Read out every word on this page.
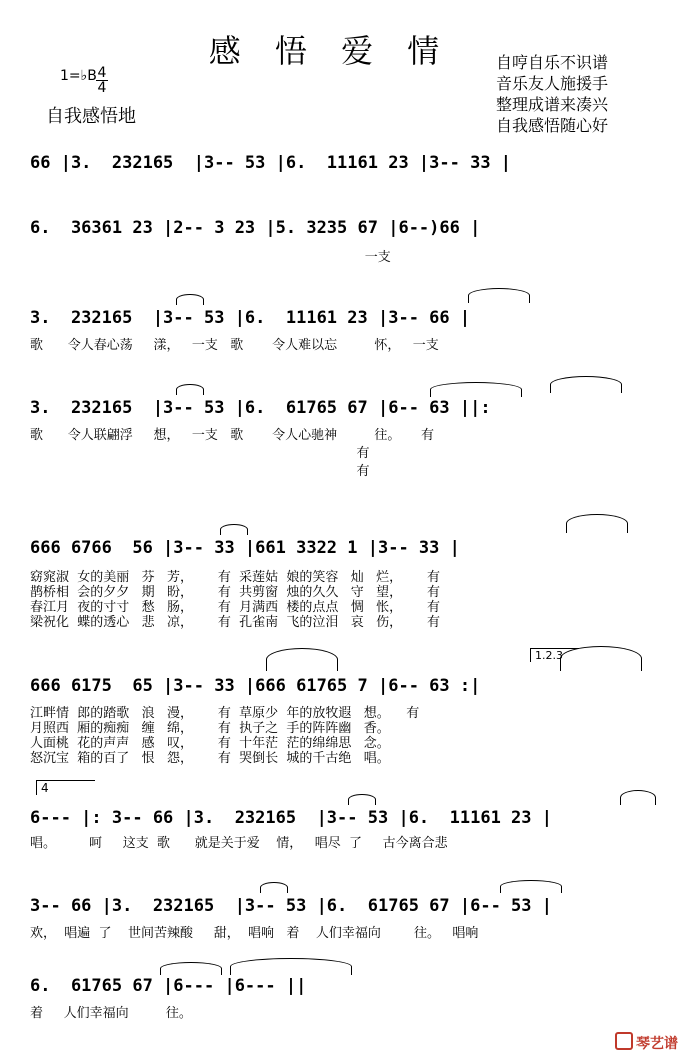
感 悟 爱 情
1=♭B 4
4
自我感悟地
自哼自乐不识谱
音乐友人施援手
整理成谱来凑兴
自我感悟随心好
66 |3.  232165  |3-- 53 |6.  11161 23 |3-- 33 |
6.  36361 23 |2-- 3 23 |5. 3235 67 |6--)66 |
一支
3.  232165  |3-- 53 |6.  11161 23 |3-- 66 |
歌      令人春心荡     漾，   一支   歌       令人难以忘         怀，   一支
3.  232165  |3-- 53 |6.  61765 67 |6-- 63 ||:
歌      令人联翩浮     想，   一支   歌       令人心驰神         往。     有
有
有
666 6766  56 |3-- 33 |661 3322 1 |3-- 33 |
窈窕淑  女的美丽   芬   芳，      有  采莲姑  娘的笑容   灿   烂，      有
鹊桥相  会的夕夕   期   盼，      有  共剪窗  烛的久久   守   望，      有
春江月  夜的寸寸   愁   肠，      有  月满西  楼的点点   惆   怅，      有
梁祝化  蝶的透心   悲   凉，      有  孔雀南  飞的泣泪   哀   伤，      有
1.2.3
666 6175  65 |3-- 33 |666 61765 7 |6-- 63 :|
江畔情  郎的踏歌   浪   漫，      有  草原少  年的放牧遐   想。    有
月照西  厢的痴痴   缠   绵，      有  执子之  手的阵阵幽   香。
人面桃  花的声声   感   叹，      有  十年茫  茫的绵绵思   念。
怒沉宝  箱的百了   恨   怨，      有  哭倒长  城的千古绝   唱。
4
6--- |: 3-- 66 |3.  232165  |3-- 53 |6.  11161 23 |
唱。        呵     这支  歌      就是关于爱    情，   唱尽  了     古今离合悲
3-- 66 |3.  232165  |3-- 53 |6.  61765 67 |6-- 53 |
欢，  唱遍  了    世间苦辣酸     甜，  唱响   着    人们幸福向        往。   唱响
6.  61765 67 |6--- |6--- ||
着     人们幸福向         往。
琴艺谱
